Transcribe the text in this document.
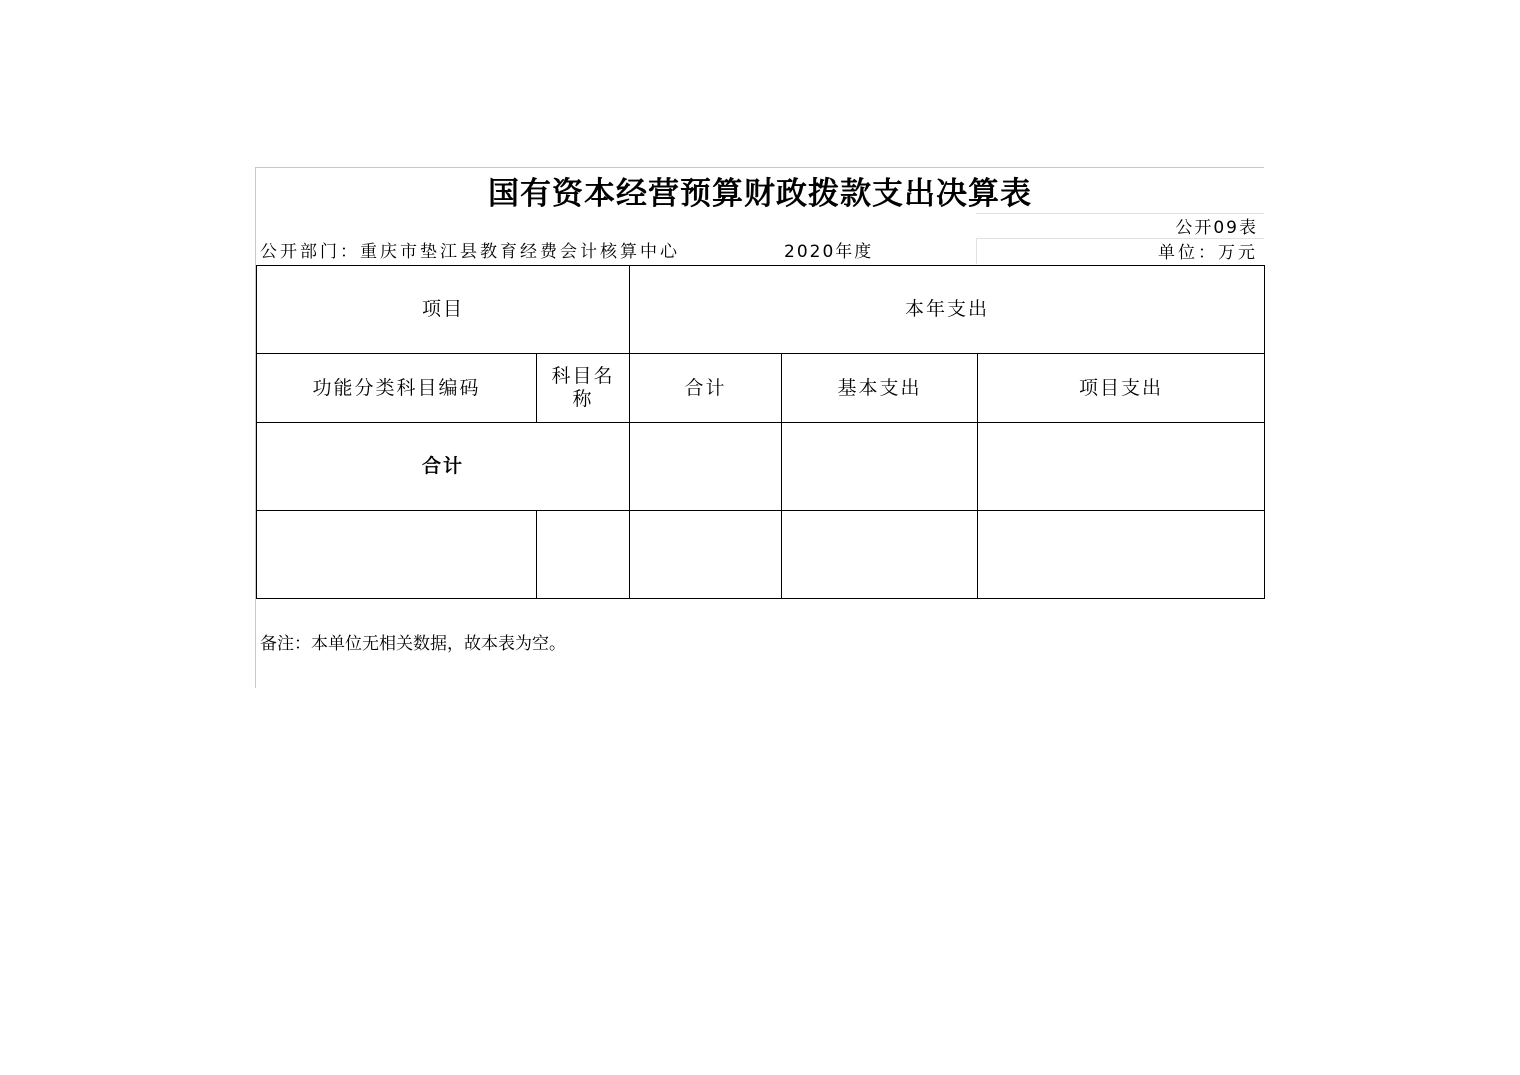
国有资本经营预算财政拨款支出决算表
公开09表
公开部门：重庆市垫江县教育经费会计核算中心	2020年度	单位：万元
项目		本年支出		
功能分类科目编码	科目名称	合计	基本支出	项目支出
合计				

备注：本单位无相关数据，故本表为空。
